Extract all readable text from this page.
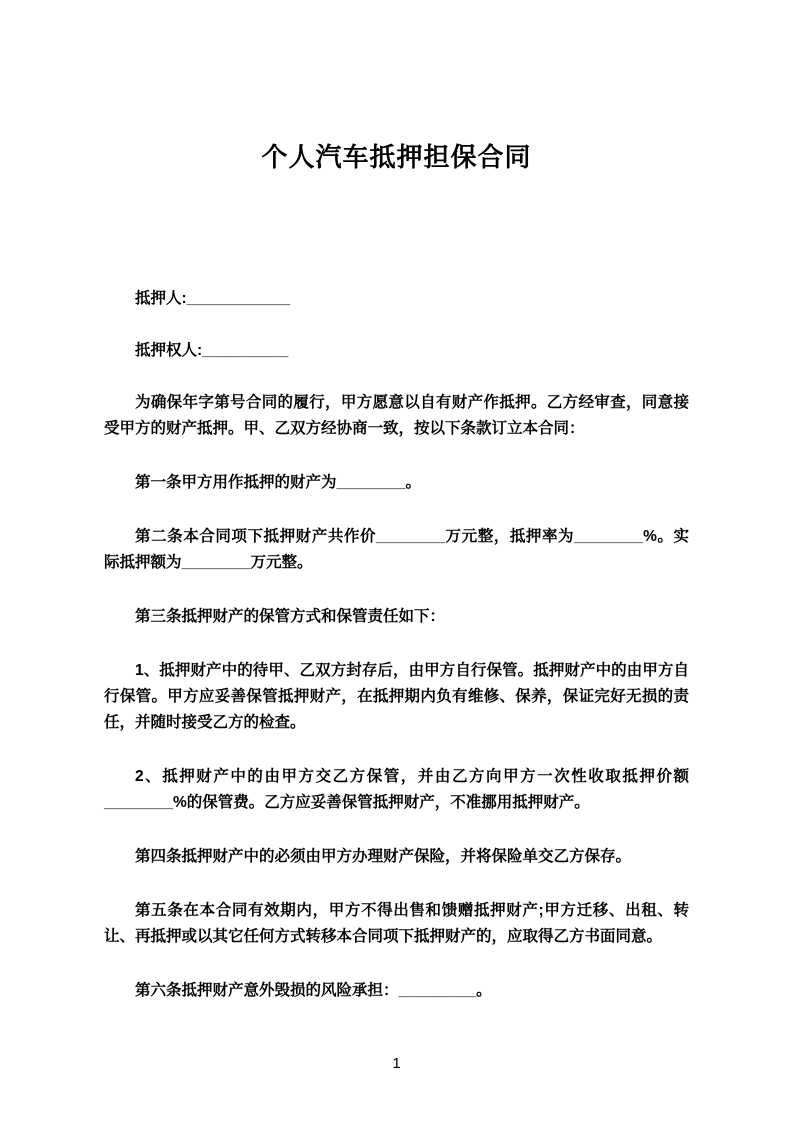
个人汽车抵押担保合同

抵押人:____________

抵押权人:__________

为确保年字第号合同的履行，甲方愿意以自有财产作抵押。乙方经审查，同意接受甲方的财产抵押。甲、乙双方经协商一致，按以下条款订立本合同：

第一条甲方用作抵押的财产为________。

第二条本合同项下抵押财产共作价________万元整，抵押率为________%。实际抵押额为________万元整。

第三条抵押财产的保管方式和保管责任如下：

1、抵押财产中的待甲、乙双方封存后，由甲方自行保管。抵押财产中的由甲方自行保管。甲方应妥善保管抵押财产，在抵押期内负有维修、保养，保证完好无损的责任，并随时接受乙方的检查。

2、抵押财产中的由甲方交乙方保管，并由乙方向甲方一次性收取抵押价额________%的保管费。乙方应妥善保管抵押财产，不准挪用抵押财产。

第四条抵押财产中的必须由甲方办理财产保险，并将保险单交乙方保存。

第五条在本合同有效期内，甲方不得出售和馈赠抵押财产;甲方迁移、出租、转让、再抵押或以其它任何方式转移本合同项下抵押财产的，应取得乙方书面同意。

第六条抵押财产意外毁损的风险承担：_________。

1
